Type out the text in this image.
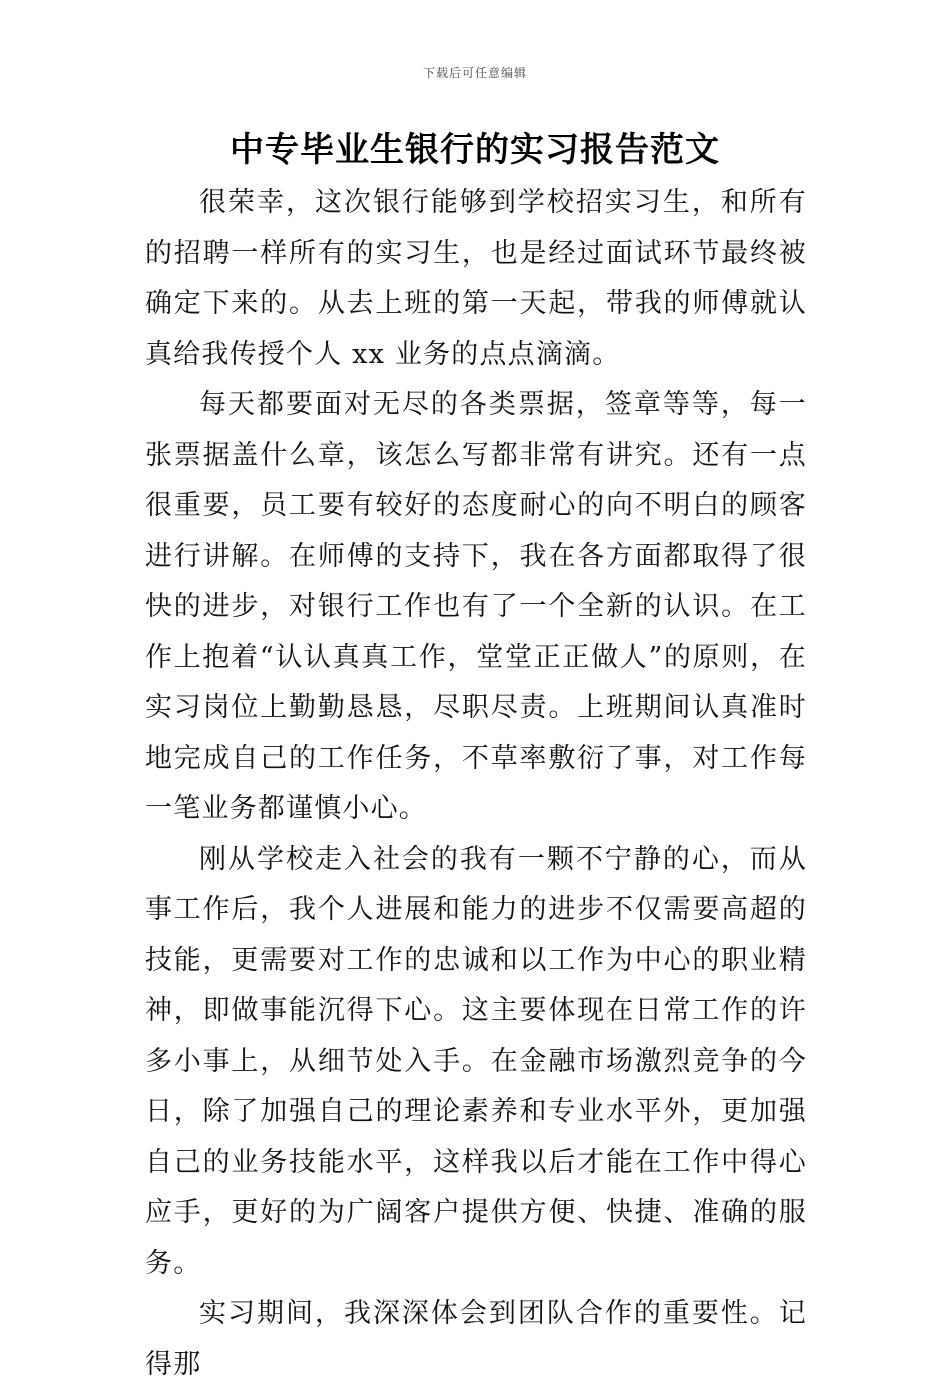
下载后可任意编辑
中专毕业生银行的实习报告范文

很荣幸，这次银行能够到学校招实习生，和所有的招聘一样所有的实习生，也是经过面试环节最终被确定下来的。从去上班的第一天起，带我的师傅就认真给我传授个人 xx 业务的点点滴滴。

每天都要面对无尽的各类票据，签章等等，每一张票据盖什么章，该怎么写都非常有讲究。还有一点很重要，员工要有较好的态度耐心的向不明白的顾客进行讲解。在师傅的支持下，我在各方面都取得了很快的进步，对银行工作也有了一个全新的认识。在工作上抱着“认认真真工作，堂堂正正做人”的原则，在实习岗位上勤勤恳恳，尽职尽责。上班期间认真准时地完成自己的工作任务，不草率敷衍了事，对工作每一笔业务都谨慎小心。

刚从学校走入社会的我有一颗不宁静的心，而从事工作后，我个人进展和能力的进步不仅需要高超的技能，更需要对工作的忠诚和以工作为中心的职业精神，即做事能沉得下心。这主要体现在日常工作的许多小事上，从细节处入手。在金融市场激烈竞争的今日，除了加强自己的理论素养和专业水平外，更加强自己的业务技能水平，这样我以后才能在工作中得心应手，更好的为广阔客户提供方便、快捷、准确的服务。

实习期间，我深深体会到团队合作的重要性。记得那
